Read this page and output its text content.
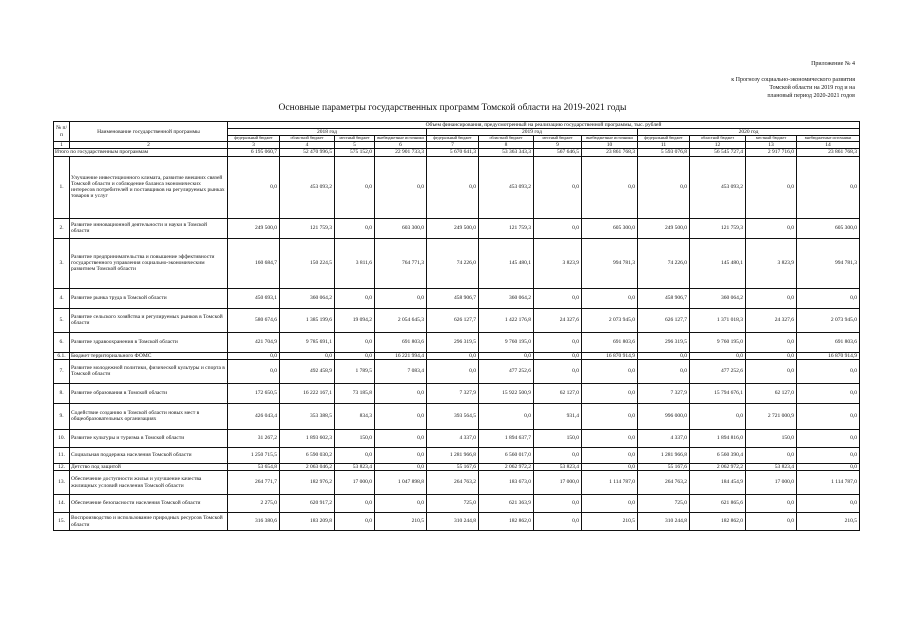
Приложение № 4
к Прогнозу социально-экономического развития
Томской области на 2019 год и на
плановый период 2020-2021 годов
Основные параметры государственных программ Томской области на 2019-2021 годы
№ п/п	Наименование государственной программы	Объем финансирования, предусмотренный на реализацию государственной программы, тыс. рублей											
		2018 год				2019 год				2020 год			
		федеральный бюджет	областной бюджет	местный бюджет	внебюджетные источники	федеральный бюджет	областной бюджет	местный бюджет	внебюджетные источники	федеральный бюджет	областной бюджет	местный бюджет	внебюджетные источники
1	2	3	4	5	6	7	8	9	10	11	12	13	14
Итого по государственным программам		6 195 060,7	52 470 996,5	575 152,0	22 901 733,3	5 670 641,3	53 363 343,3	567 646,5	23 861 768,3	5 593 076,8	56 545 727,4	2 917 716,0	23 861 768,3
1.	Улучшение инвестиционного климата, развитие внешних связей Томской области и соблюдение баланса экономических интересов потребителей и поставщиков на регулируемых рынках товаров и услуг	0,0	453 093,2	0,0	0,0	0,0	453 093,2	0,0	0,0	0,0	453 093,2	0,0	0,0
2.	Развитие инновационной деятельности и науки в Томской области	249 500,0	121 759,3	0,0	603 300,0	249 500,0	121 759,3	0,0	605 300,0	249 500,0	121 759,3	0,0	605 300,0
3.	Развитие предпринимательства и повышение эффективности государственного управления социально-экономическим развитием Томской области	160 684,7	150 224,5	3 811,6	764 771,3	74 226,0	145 480,1	3 823,9	994 781,3	74 226,0	145 480,1	3 823,9	994 781,3
4.	Развитие рынка труда в Томской области	450 693,1	360 064,2	0,0	0,0	458 906,7	360 064,2	0,0	0,0	458 906,7	360 064,2	0,0	0,0
5.	Развитие сельского хозяйства и регулируемых рынков в Томской области	580 674,6	1 385 199,6	19 094,2	2 054 645,3	626 127,7	1 422 176,8	24 327,6	2 073 945,0	626 127,7	1 371 018,3	24 327,6	2 073 945,0
6.	Развитие здравоохранения в Томской области	421 704,9	9 785 691,1	0,0	691 803,6	296 319,5	9 760 195,0	0,0	691 803,6	296 319,5	9 760 195,0	0,0	691 803,6
6.1.	Бюджет территориального ФОМС	0,0	0,0	0,0	16 221 994,4	0,0	0,0	0,0	16 870 914,9	0,0	0,0	0,0	16 870 914,9
7.	Развитие молодежной политики, физической культуры и спорта в Томской области	0,0	492 458,9	1 789,5	7 083,4	0,0	477 252,6	0,0	0,0	0,0	477 252,6	0,0	0,0
8.	Развитие образования в Томской области	172 650,5	16 222 167,1	73 185,8	0,0	7 327,9	15 922 500,9	62 127,0	0,0	7 327,9	15 794 676,1	62 127,0	0,0
9.	Содействие созданию в Томской области новых мест в общеобразовательных организациях	426 043,4	353 388,5	834,3	0,0	393 564,5	0,0	931,4	0,0	996 000,0	0,0	2 721 000,9	0,0
10.	Развитие культуры и туризма в Томской области	31 267,2	1 893 602,3	150,0	0,0	4 337,0	1 894 637,7	150,0	0,0	4 337,0	1 894 816,0	150,0	0,0
11.	Социальная поддержка населения Томской области	1 250 715,5	6 590 030,2	0,0	0,0	1 281 966,8	6 560 017,0	0,0	0,0	1 281 966,8	6 560 390,4	0,0	0,0
12.	Детство под защитой	53 654,8	2 063 046,2	53 823,4	0,0	55 167,6	2 062 972,2	53 823,4	0,0	55 167,6	2 062 972,2	53 823,4	0,0
13.	Обеспечение доступности жилья и улучшение качества жилищных условий населения Томской области	264 771,7	182 976,2	17 000,0	1 047 898,8	264 763,2	183 673,0	17 000,0	1 114 787,0	264 763,2	184 454,9	17 000,0	1 114 787,0
14.	Обеспечение безопасности населения Томской области	2 275,0	620 917,2	0,0	0,0	725,0	621 363,9	0,0	0,0	725,0	621 865,6	0,0	0,0
15.	Воспроизводство и использование природных ресурсов Томской области	316 380,6	183 209,8	0,0	210,5	310 244,8	182 862,0	0,0	210,5	310 244,8	182 862,0	0,0	210,5
